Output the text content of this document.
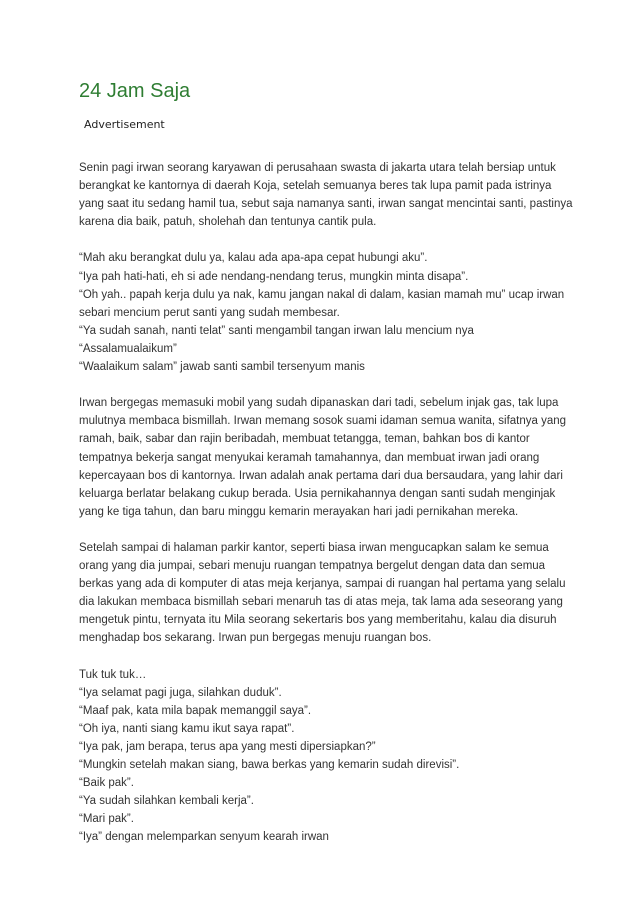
24 Jam Saja
Advertisement

Senin pagi irwan seorang karyawan di perusahaan swasta di jakarta utara telah bersiap untuk
berangkat ke kantornya di daerah Koja, setelah semuanya beres tak lupa pamit pada istrinya
yang saat itu sedang hamil tua, sebut saja namanya santi, irwan sangat mencintai santi, pastinya
karena dia baik, patuh, sholehah dan tentunya cantik pula.

“Mah aku berangkat dulu ya, kalau ada apa-apa cepat hubungi aku”.
“Iya pah hati-hati, eh si ade nendang-nendang terus, mungkin minta disapa”.
“Oh yah.. papah kerja dulu ya nak, kamu jangan nakal di dalam, kasian mamah mu” ucap irwan
sebari mencium perut santi yang sudah membesar.
“Ya sudah sanah, nanti telat” santi mengambil tangan irwan lalu mencium nya
“Assalamualaikum”
“Waalaikum salam” jawab santi sambil tersenyum manis

Irwan bergegas memasuki mobil yang sudah dipanaskan dari tadi, sebelum injak gas, tak lupa
mulutnya membaca bismillah. Irwan memang sosok suami idaman semua wanita, sifatnya yang
ramah, baik, sabar dan rajin beribadah, membuat tetangga, teman, bahkan bos di kantor
tempatnya bekerja sangat menyukai keramah tamahannya, dan membuat irwan jadi orang
kepercayaan bos di kantornya. Irwan adalah anak pertama dari dua bersaudara, yang lahir dari
keluarga berlatar belakang cukup berada. Usia pernikahannya dengan santi sudah menginjak
yang ke tiga tahun, dan baru minggu kemarin merayakan hari jadi pernikahan mereka.

Setelah sampai di halaman parkir kantor, seperti biasa irwan mengucapkan salam ke semua
orang yang dia jumpai, sebari menuju ruangan tempatnya bergelut dengan data dan semua
berkas yang ada di komputer di atas meja kerjanya, sampai di ruangan hal pertama yang selalu
dia lakukan membaca bismillah sebari menaruh tas di atas meja, tak lama ada seseorang yang
mengetuk pintu, ternyata itu Mila seorang sekertaris bos yang memberitahu, kalau dia disuruh
menghadap bos sekarang. Irwan pun bergegas menuju ruangan bos.

Tuk tuk tuk…
“Iya selamat pagi juga, silahkan duduk”.
“Maaf pak, kata mila bapak memanggil saya”.
“Oh iya, nanti siang kamu ikut saya rapat”.
“Iya pak, jam berapa, terus apa yang mesti dipersiapkan?”
“Mungkin setelah makan siang, bawa berkas yang kemarin sudah direvisi”.
“Baik pak”.
“Ya sudah silahkan kembali kerja”.
“Mari pak”.
“Iya” dengan melemparkan senyum kearah irwan
